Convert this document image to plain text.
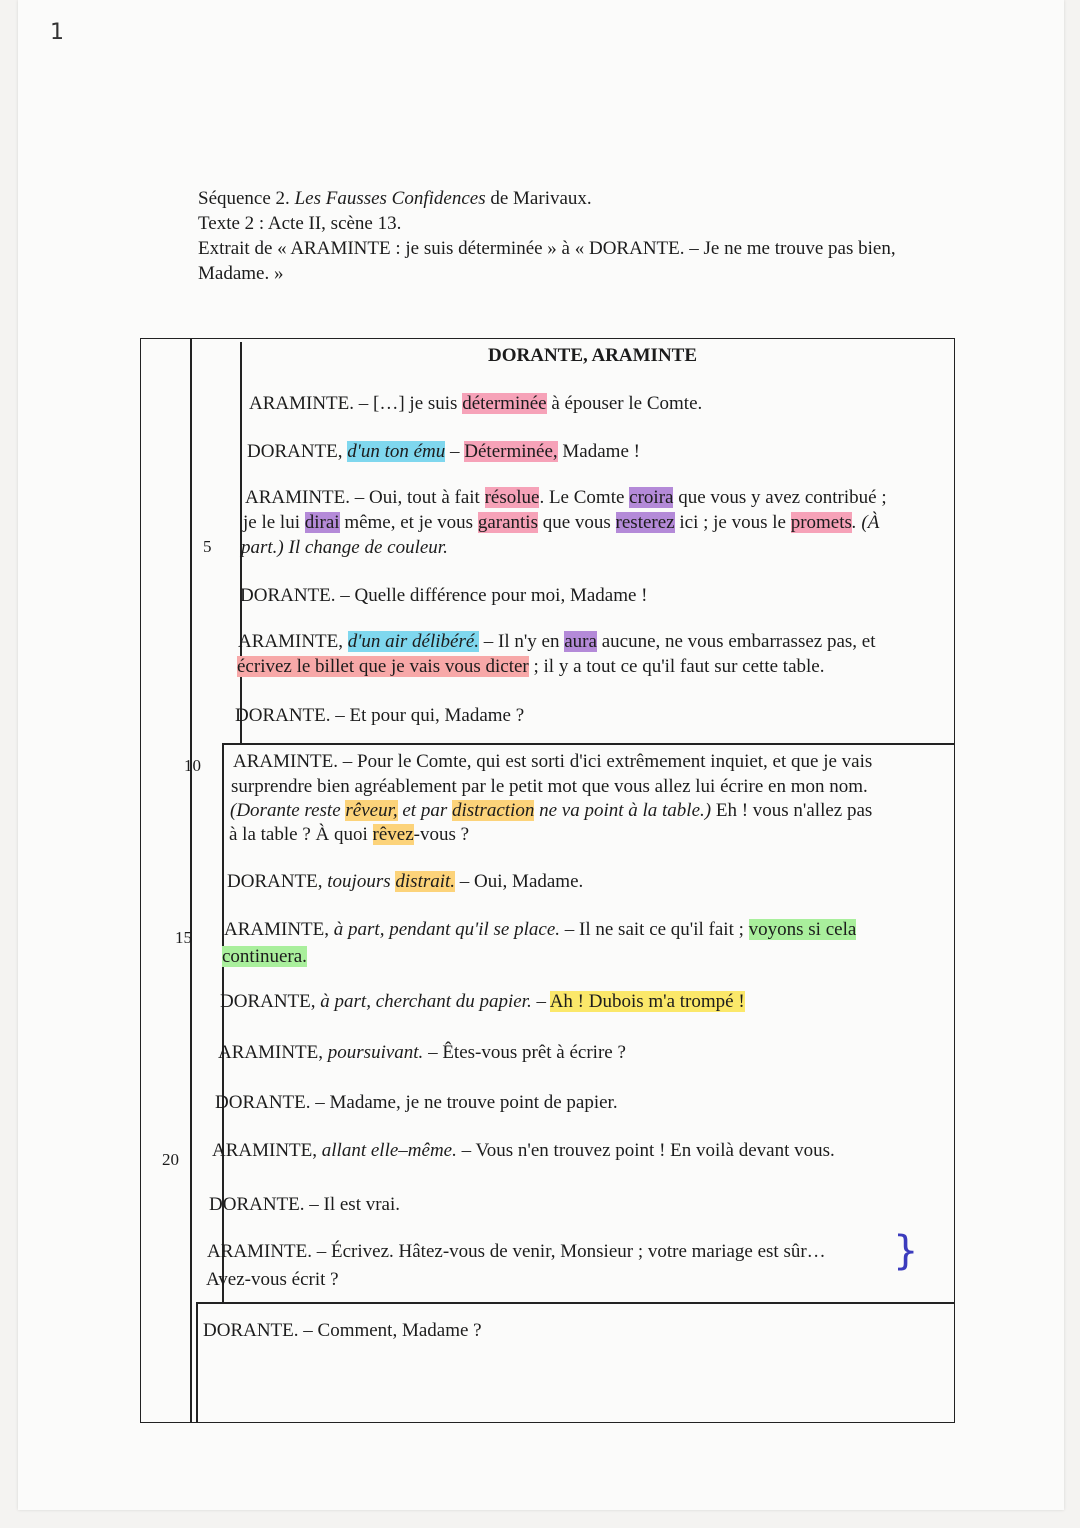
1
Séquence 2. Les Fausses Confidences de Marivaux.
Texte 2 : Acte II, scène 13.
Extrait de « ARAMINTE : je suis déterminée » à « DORANTE. – Je ne me trouve pas bien,
Madame. »
DORANTE, ARAMINTE
5
10
15
20
ARAMINTE. – […] je suis déterminée à épouser le Comte.
DORANTE, d'un ton ému – Déterminée, Madame !
ARAMINTE. – Oui, tout à fait résolue. Le Comte croira que vous y avez contribué ;
je le lui dirai même, et je vous garantis que vous resterez ici ; je vous le promets. (À
part.) Il change de couleur.
DORANTE. – Quelle différence pour moi, Madame !
ARAMINTE, d'un air délibéré. – Il n'y en aura aucune, ne vous embarrassez pas, et
écrivez le billet que je vais vous dicter ; il y a tout ce qu'il faut sur cette table.
DORANTE. – Et pour qui, Madame ?
ARAMINTE. – Pour le Comte, qui est sorti d'ici extrêmement inquiet, et que je vais
surprendre bien agréablement par le petit mot que vous allez lui écrire en mon nom.
(Dorante reste rêveur, et par distraction ne va point à la table.) Eh ! vous n'allez pas
à la table ? À quoi rêvez-vous ?
DORANTE, toujours distrait. – Oui, Madame.
ARAMINTE, à part, pendant qu'il se place. – Il ne sait ce qu'il fait ; voyons si cela
continuera.
DORANTE, à part, cherchant du papier. – Ah ! Dubois m'a trompé !
ARAMINTE, poursuivant. – Êtes-vous prêt à écrire ?
DORANTE. – Madame, je ne trouve point de papier.
ARAMINTE, allant elle–même. – Vous n'en trouvez point ! En voilà devant vous.
DORANTE. – Il est vrai.
ARAMINTE. – Écrivez. Hâtez-vous de venir, Monsieur ; votre mariage est sûr…
Avez-vous écrit ?
}
DORANTE. – Comment, Madame ?
